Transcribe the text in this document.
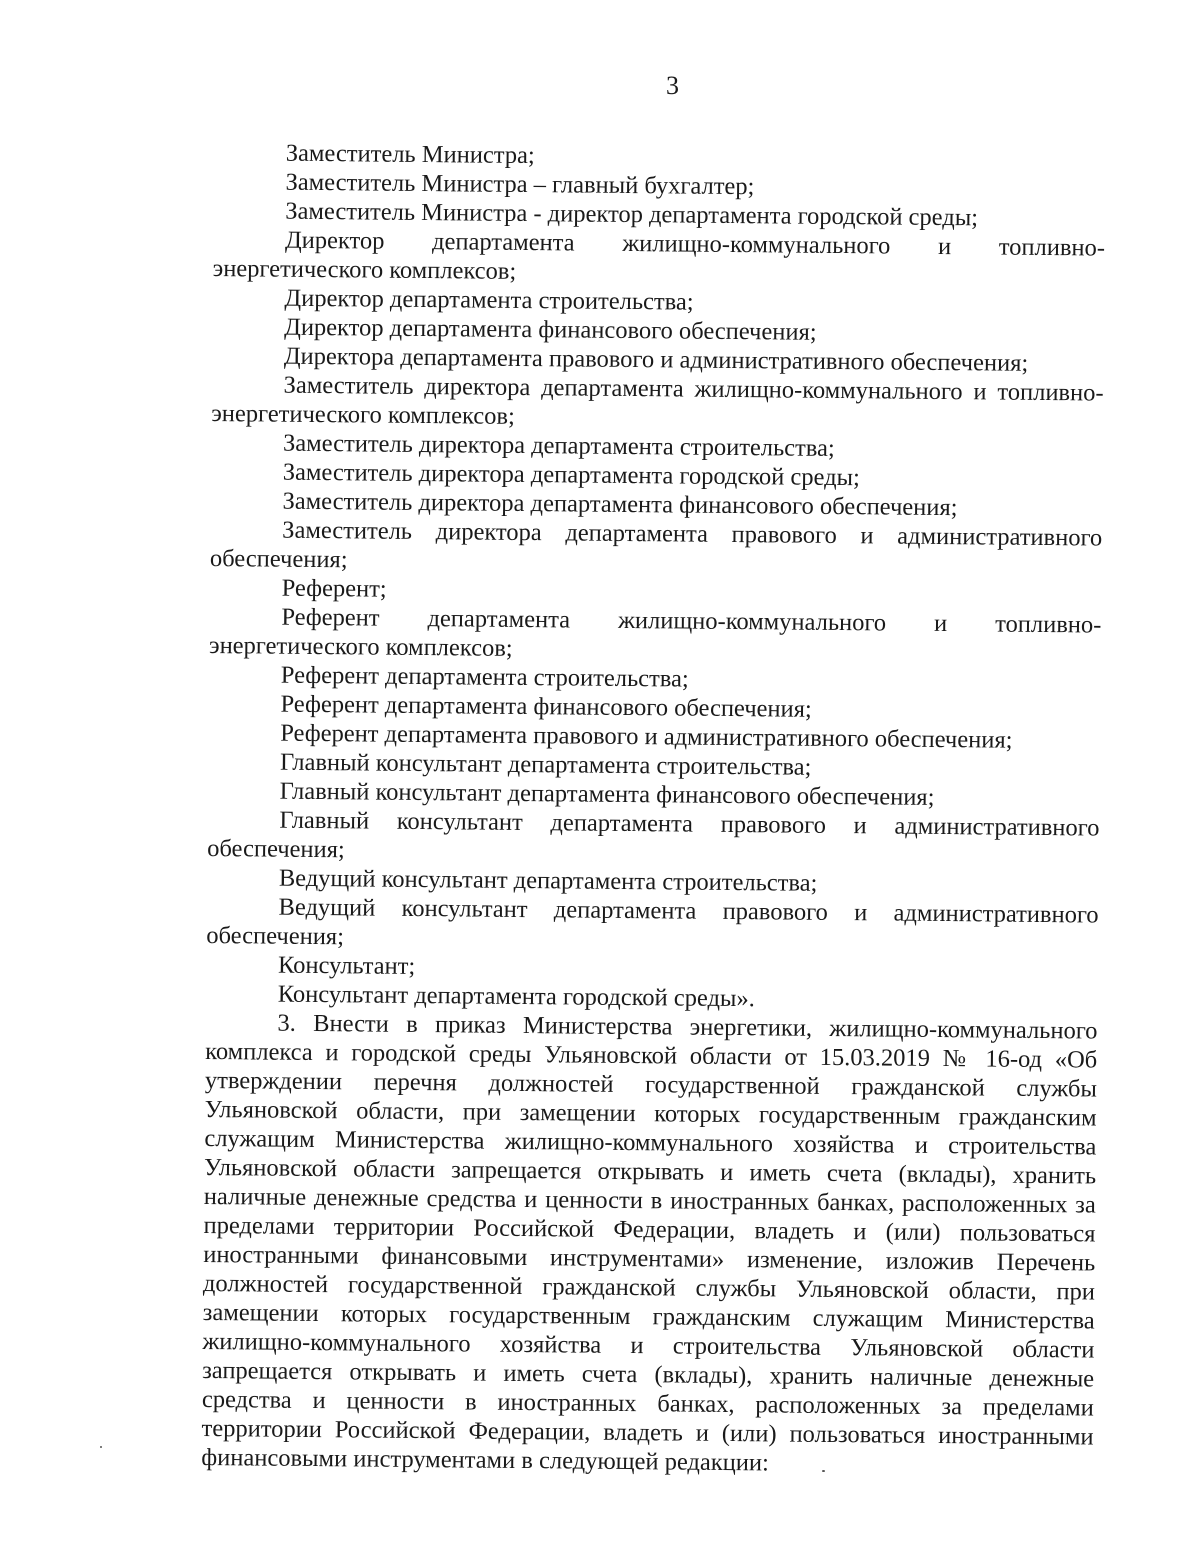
3

Заместитель Министра;

Заместитель Министра – главный бухгалтер;

Заместитель Министра - директор департамента городской среды;

Директор департамента жилищно-коммунального и топливно-энергетического комплексов;

Директор департамента строительства;

Директор департамента финансового обеспечения;

Директора департамента правового и административного обеспечения;

Заместитель директора департамента жилищно-коммунального и топливно-энергетического комплексов;

Заместитель директора департамента строительства;

Заместитель директора департамента городской среды;

Заместитель директора департамента финансового обеспечения;

Заместитель директора департамента правового и административного обеспечения;

Референт;

Референт департамента жилищно-коммунального и топливно-энергетического комплексов;

Референт департамента строительства;

Референт департамента финансового обеспечения;

Референт департамента правового и административного обеспечения;

Главный консультант департамента строительства;

Главный консультант департамента финансового обеспечения;

Главный консультант департамента правового и административного обеспечения;

Ведущий консультант департамента строительства;

Ведущий консультант департамента правового и административного обеспечения;

Консультант;

Консультант департамента городской среды».

3. Внести в приказ Министерства энергетики, жилищно-коммунального комплекса и городской среды Ульяновской области от 15.03.2019 № 16-од «Об утверждении перечня должностей государственной гражданской службы Ульяновской области, при замещении которых государственным гражданским служащим Министерства жилищно-коммунального хозяйства и строительства Ульяновской области запрещается открывать и иметь счета (вклады), хранить наличные денежные средства и ценности в иностранных банках, расположенных за пределами территории Российской Федерации, владеть и (или) пользоваться иностранными финансовыми инструментами» изменение, изложив Перечень должностей государственной гражданской службы Ульяновской области, при замещении которых государственным гражданским служащим Министерства жилищно-коммунального хозяйства и строительства Ульяновской области запрещается открывать и иметь счета (вклады), хранить наличные денежные средства и ценности в иностранных банках, расположенных за пределами территории Российской Федерации, владеть и (или) пользоваться иностранными финансовыми инструментами в следующей редакции:
